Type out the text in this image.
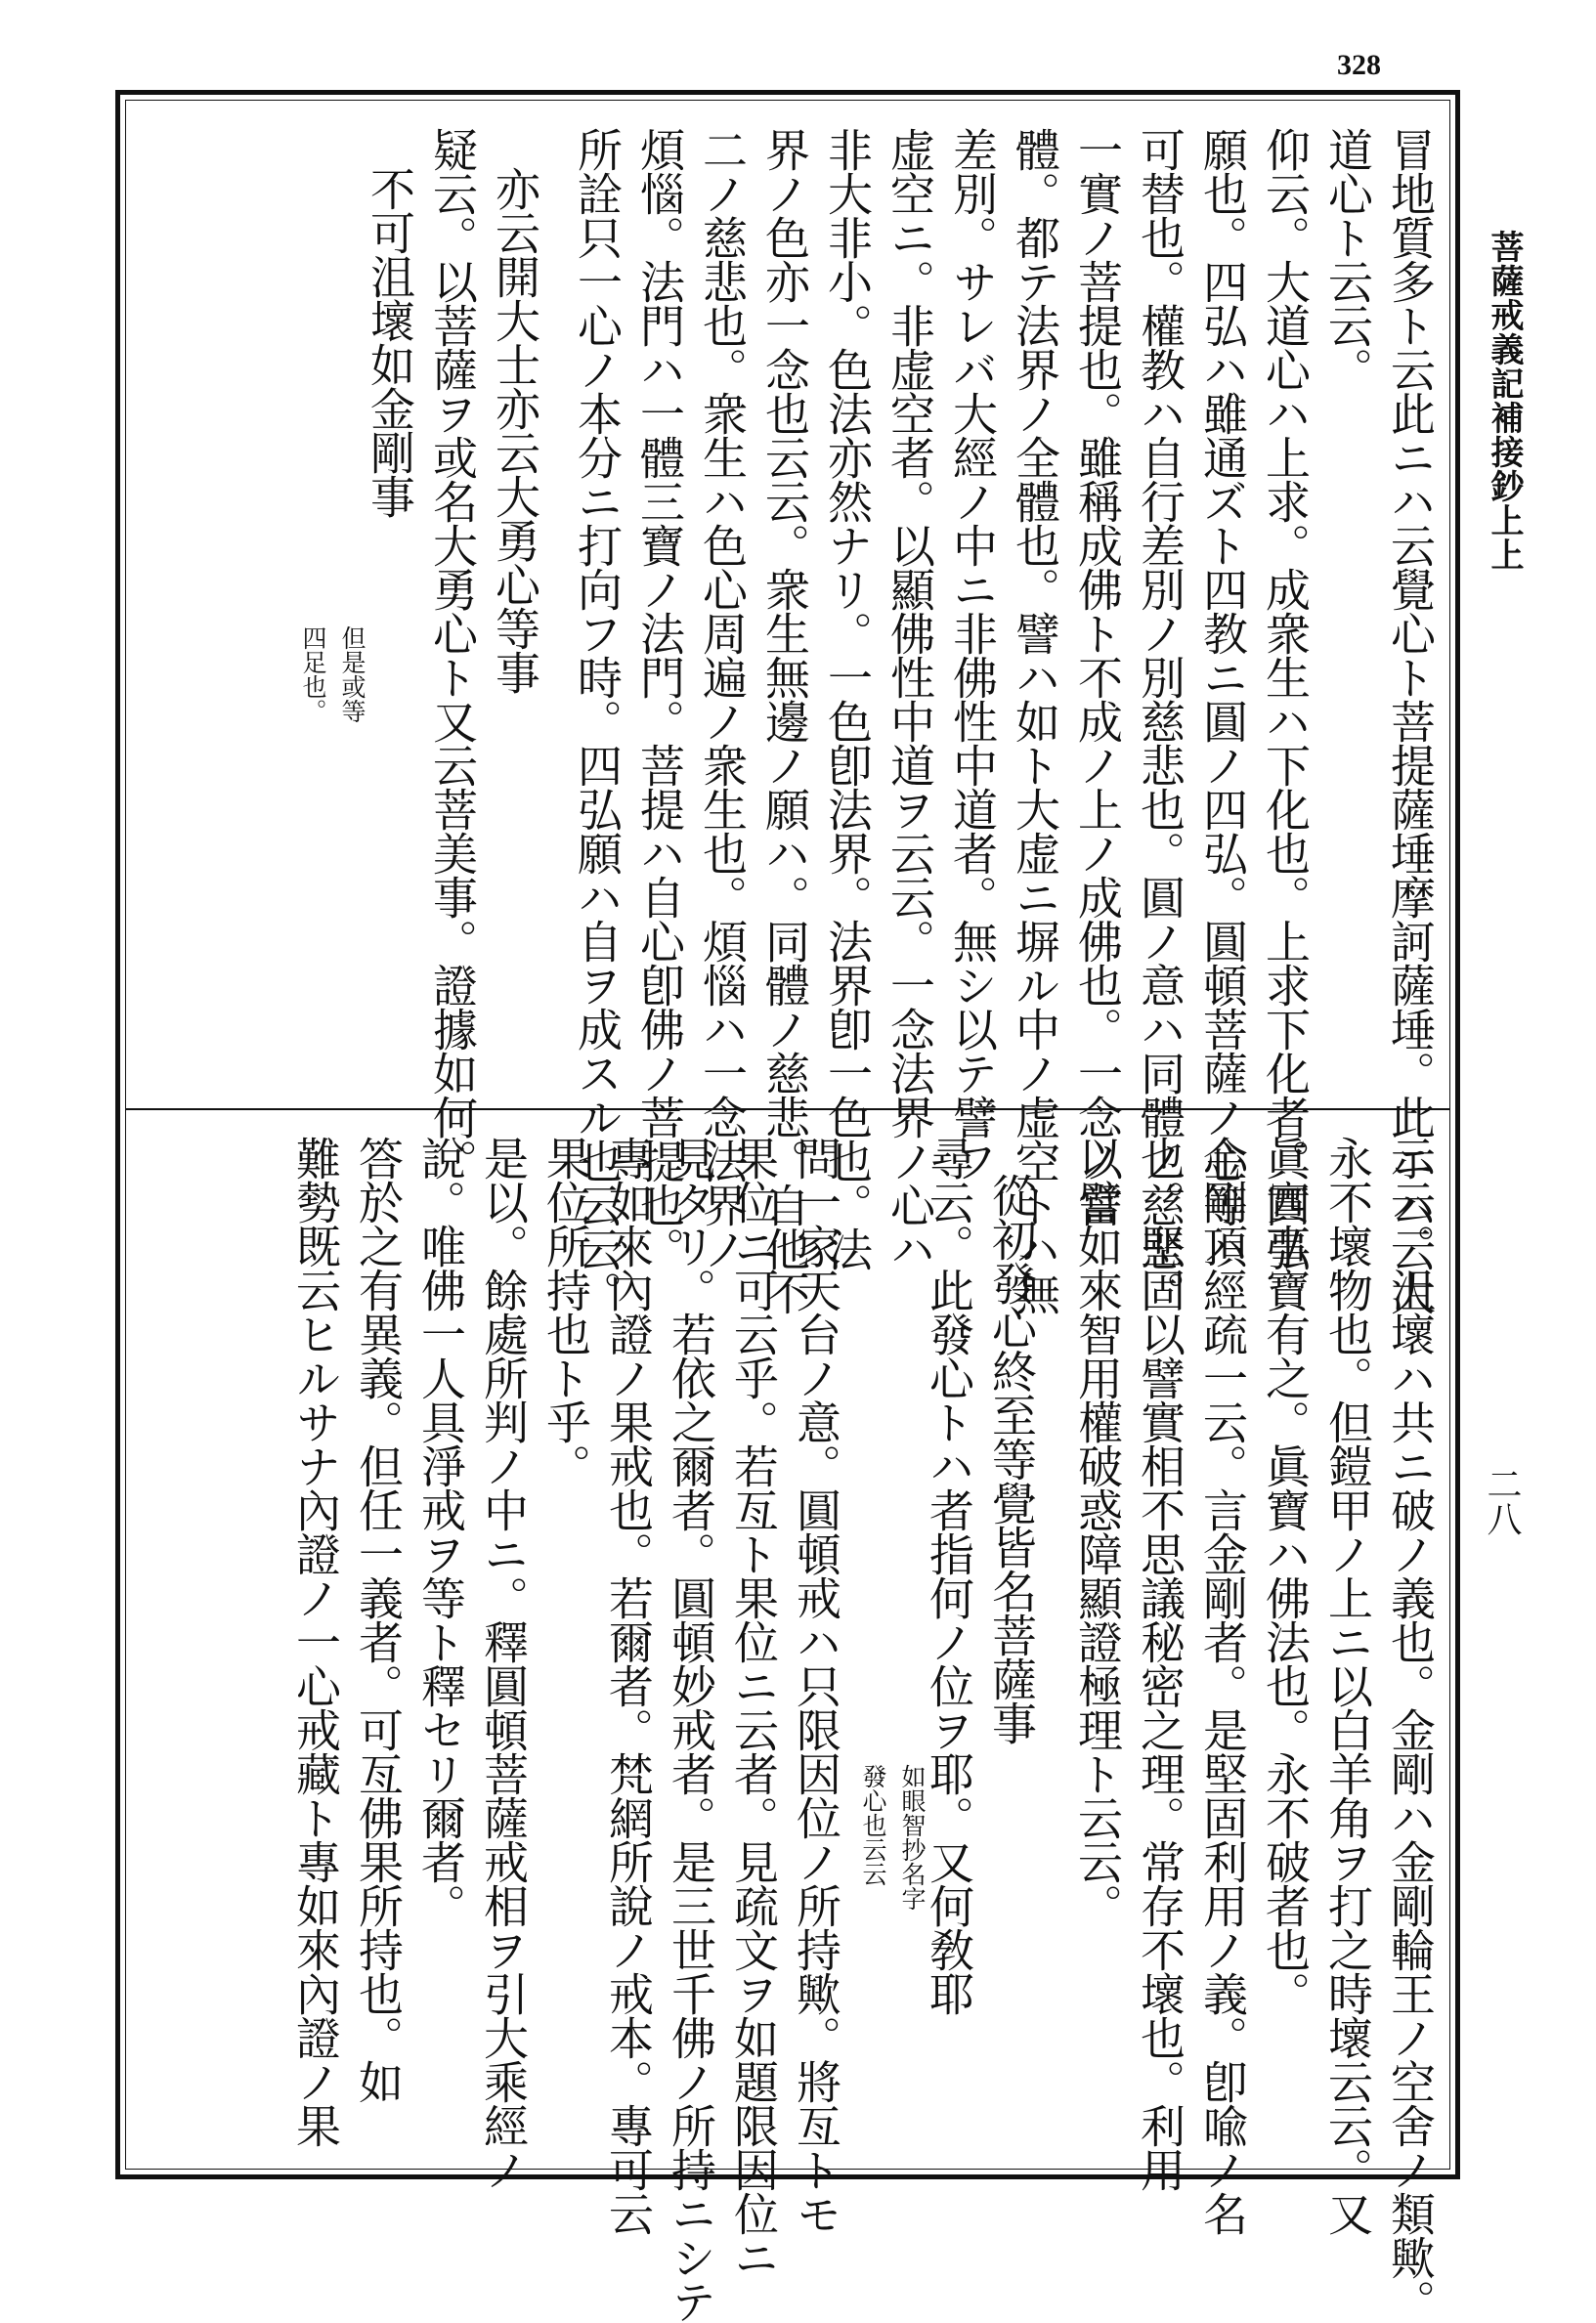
328
菩薩戒義記補接鈔上上
二八
冒地質多ト云此ニハ云覺心ト菩提薩埵摩訶薩埵。此ニハ云大
道心ト云云。
仰云。大道心ハ上求。成衆生ハ下化也。上求下化者。四弘
願也。四弘ハ雖通ズト四教ニ圓ノ四弘。圓頓菩薩ノ心等ハ
可替也。權教ハ自行差別ノ別慈悲也。圓ノ意ハ同體ノ慈悲。
一實ノ菩提也。雖稱成佛ト不成ノ上ノ成佛也。一念ノ當
體。都テ法界ノ全體也。譬ハ如ト大虚ニ塀ル中ノ虚空トハ無
差別。サレバ大經ノ中ニ非佛性中道者。無シ以テ譬フ
虚空ニ。非虚空者。以顯佛性中道ヲ云云。一念法界ノ心ハ
非大非小。色法亦然ナリ。一色卽法界。法界卽一色也。法
界ノ色亦一念也云云。衆生無邊ノ願ハ。同體ノ慈悲。自他不
二ノ慈悲也。衆生ハ色心周遍ノ衆生也。煩惱ハ一念法界ノ
煩惱。法門ハ一體三寶ノ法門。菩提ハ自心卽佛ノ菩提也。
所詮只一心ノ本分ニ打向フ時。四弘願ハ自ヲ成スル也云云。
亦云開大士亦云大勇心等事
疑云。以菩薩ヲ或名大勇心ト又云菩美事。證據如何。
不可沮壞如金剛事
但是或等
四足也。
示云。沮壞ハ共ニ破ノ義也。金剛ハ金剛輪王ノ空舍ノ類歟。
永不壞物也。但鎧甲ノ上ニ以白羊角ヲ打之時壞云云。又
眞實事寶有之。眞寶ハ佛法也。永不破者也。
金剛頂經疏一云。言金剛者。是堅固利用ノ義。卽喩ノ名
也。堅固以譬實相不思議秘密之理。常存不壞也。利用
以譬如來智用權破惑障顯證極理ト云云。
從初發心終至等覺皆名菩薩事
尋云。此發心トハ者指何ノ位ヲ耶。又何敎耶
如眼智抄名字
發心也云云
問一家天台ノ意。圓頓戒ハ只限因位ノ所持歟。將亙トモ
果位ニ可云乎。若亙ト果位ニ云者。見疏文ヲ如題限因位ニ
見タリ。若依之爾者。圓頓妙戒者。是三世千佛ノ所持ニシテ
專如來內證ノ果戒也。若爾者。梵網所說ノ戒本。專可云
果位所持也ト乎。
是以。餘處所判ノ中ニ。釋圓頓菩薩戒相ヲ引大乘經ノ
說。唯佛一人具淨戒ヲ等ト釋セリ爾者。
答於之有異義。但任一義者。可亙佛果所持也。如
難勢既云ヒルサナ內證ノ一心戒藏ト專如來內證ノ果
